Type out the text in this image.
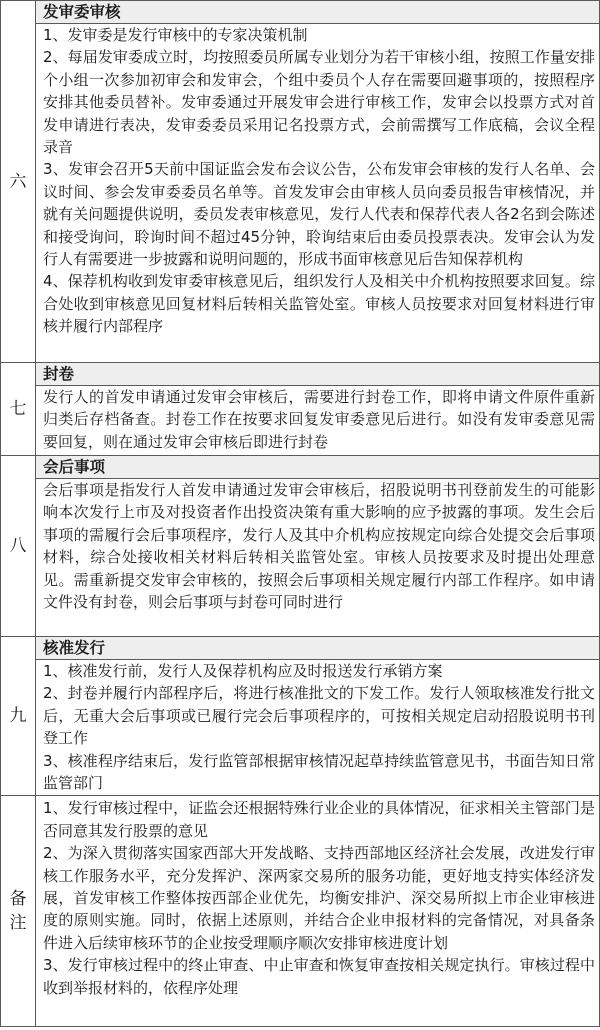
六	发审委审核
1、发审委是发行审核中的专家决策机制
2、每届发审委成立时，均按照委员所属专业划分为若干审核小组，按照工作量安排个小组一次参加初审会和发审会，个组中委员个人存在需要回避事项的，按照程序安排其他委员替补。发审委通过开展发审会进行审核工作，发审会以投票方式对首发申请进行表决，发审委委员采用记名投票方式，会前需撰写工作底稿，会议全程录音
3、发审会召开5天前中国证监会发布会议公告，公布发审会审核的发行人名单、会议时间、参会发审委委员名单等。首发发审会由审核人员向委员报告审核情况，并就有关问题提供说明，委员发表审核意见，发行人代表和保荐代表人各2名到会陈述和接受询问，聆询时间不超过45分钟，聆询结束后由委员投票表决。发审会认为发行人有需要进一步披露和说明问题的，形成书面审核意见后告知保荐机构
4、保荐机构收到发审委审核意见后，组织发行人及相关中介机构按照要求回复。综合处收到审核意见回复材料后转相关监管处室。审核人员按要求对回复材料进行审核并履行内部程序

七	封卷
发行人的首发申请通过发审会审核后，需要进行封卷工作，即将申请文件原件重新归类后存档备查。封卷工作在按要求回复发审委意见后进行。如没有发审委意见需要回复，则在通过发审会审核后即进行封卷

八	会后事项
会后事项是指发行人首发申请通过发审会审核后，招股说明书刊登前发生的可能影响本次发行上市及对投资者作出投资决策有重大影响的应予披露的事项。发生会后事项的需履行会后事项程序，发行人及其中介机构应按规定向综合处提交会后事项材料，综合处接收相关材料后转相关监管处室。审核人员按要求及时提出处理意见。需重新提交发审会审核的，按照会后事项相关规定履行内部工作程序。如申请文件没有封卷，则会后事项与封卷可同时进行

九	核准发行
1、核准发行前，发行人及保荐机构应及时报送发行承销方案
2、封卷并履行内部程序后，将进行核准批文的下发工作。发行人领取核准发行批文后，无重大会后事项或已履行完会后事项程序的，可按相关规定启动招股说明书刊登工作
3、核准程序结束后，发行监管部根据审核情况起草持续监管意见书，书面告知日常监管部门

备
注	1、发行审核过程中，证监会还根据特殊行业企业的具体情况，征求相关主管部门是否同意其发行股票的意见
2、为深入贯彻落实国家西部大开发战略、支持西部地区经济社会发展，改进发行审核工作服务水平，充分发挥沪、深两家交易所的服务功能，更好地支持实体经济发展，首发审核工作整体按西部企业优先，均衡安排沪、深交易所拟上市企业审核进度的原则实施。同时，依据上述原则，并结合企业申报材料的完备情况，对具备条件进入后续审核环节的企业按受理顺序顺次安排审核进度计划
3、发行审核过程中的终止审查、中止审查和恢复审查按相关规定执行。审核过程中收到举报材料的，依程序处理
